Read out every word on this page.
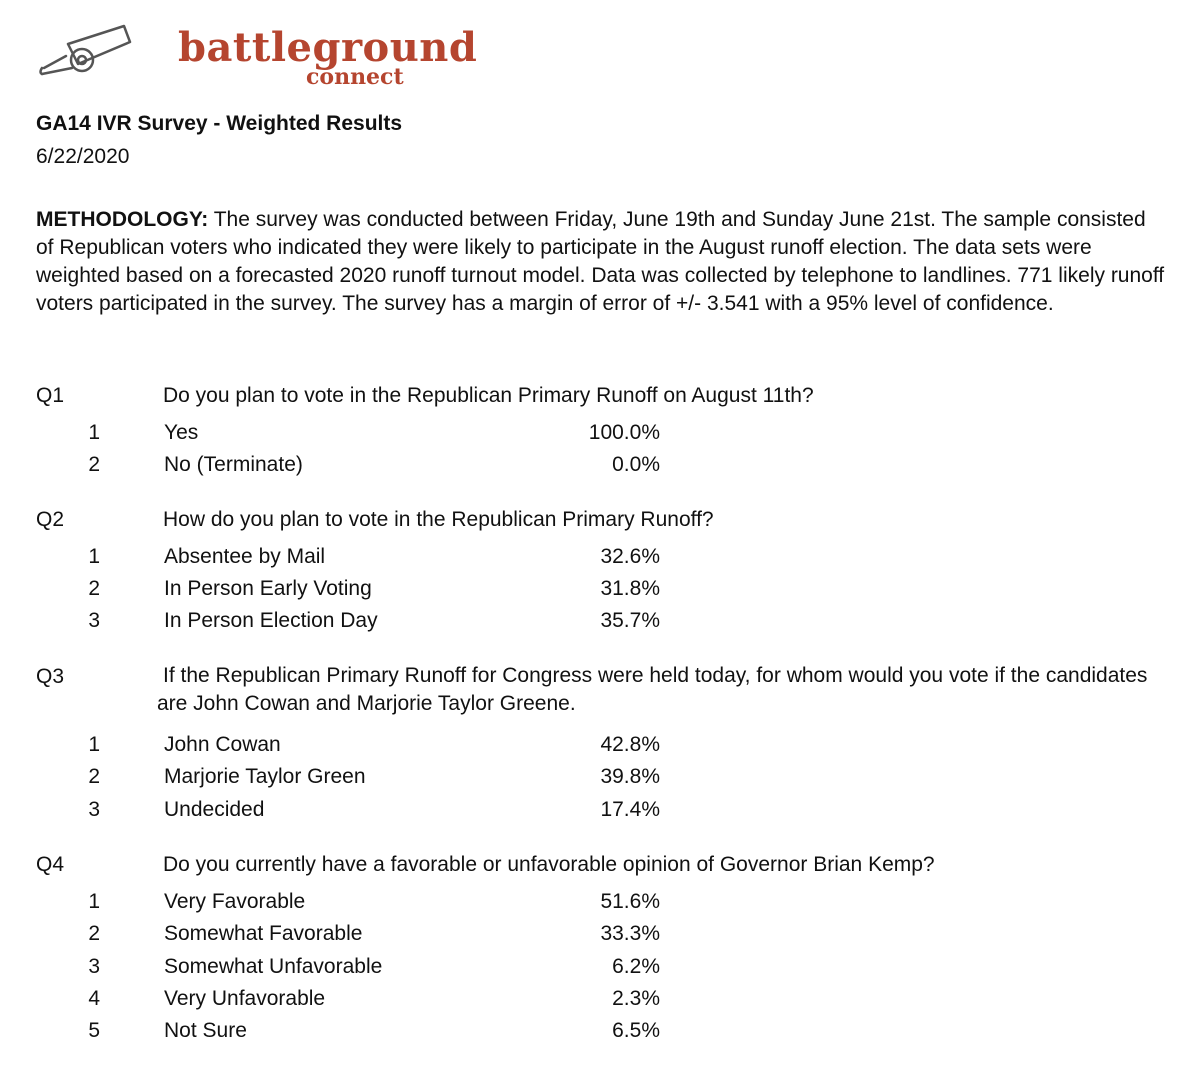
battleground
connect
GA14 IVR Survey - Weighted Results
6/22/2020
METHODOLOGY: The survey was conducted between Friday, June 19th and Sunday June 21st. The sample consisted of Republican voters who indicated they were likely to participate in the August runoff election. The data sets were weighted based on a forecasted 2020 runoff turnout model. Data was collected by telephone to landlines. 771 likely runoff voters participated in the survey. The survey has a margin of error of +/- 3.541 with a 95% level of confidence.
Q1	Do you plan to vote in the Republican Primary Runoff on August 11th?
1	Yes	100.0%
2	No (Terminate)	0.0%
Q2	How do you plan to vote in the Republican Primary Runoff?
1	Absentee by Mail	32.6%
2	In Person Early Voting	31.8%
3	In Person Election Day	35.7%
Q3	If the Republican Primary Runoff for Congress were held today, for whom would you vote if the candidates are John Cowan and Marjorie Taylor Greene.
1	John Cowan	42.8%
2	Marjorie Taylor Green	39.8%
3	Undecided	17.4%
Q4	Do you currently have a favorable or unfavorable opinion of Governor Brian Kemp?
1	Very Favorable	51.6%
2	Somewhat Favorable	33.3%
3	Somewhat Unfavorable	6.2%
4	Very Unfavorable	2.3%
5	Not Sure	6.5%
